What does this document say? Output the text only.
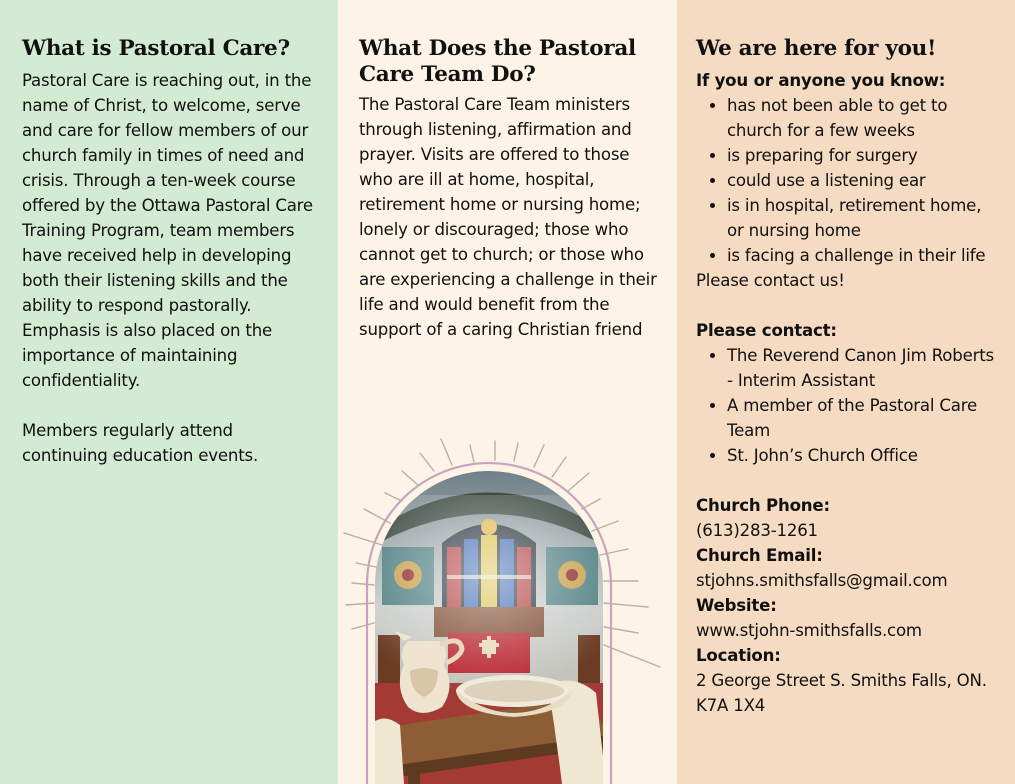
What is Pastoral Care?
Pastoral Care is reaching out, in the name of Christ, to welcome, serve and care for fellow members of our church family in times of need and crisis. Through a ten-week course offered by the Ottawa Pastoral Care Training Program, team members have received help in developing both their listening skills and the ability to respond pastorally. Emphasis is also placed on the importance of maintaining confidentiality.
Members regularly attend continuing education events.
What Does the Pastoral Care Team Do?
The Pastoral Care Team ministers through listening, affirmation and prayer. Visits are offered to those who are ill at home, hospital, retirement home or nursing home; lonely or discouraged; those who cannot get to church; or those who are experiencing a challenge in their life and would benefit from the support of a caring Christian friend
We are here for you!
If you or anyone you know:
• has not been able to get to church for a few weeks
• is preparing for surgery
• could use a listening ear
• is in hospital, retirement home, or nursing home
• is facing a challenge in their life
Please contact us!
Please contact:
• The Reverend Canon Jim Roberts - Interim Assistant
• A member of the Pastoral Care Team
• St. John’s Church Office
Church Phone:
(613)283-1261
Church Email:
stjohns.smithsfalls@gmail.com
Website:
www.stjohn-smithsfalls.com
Location:
2 George Street S. Smiths Falls, ON. K7A 1X4
